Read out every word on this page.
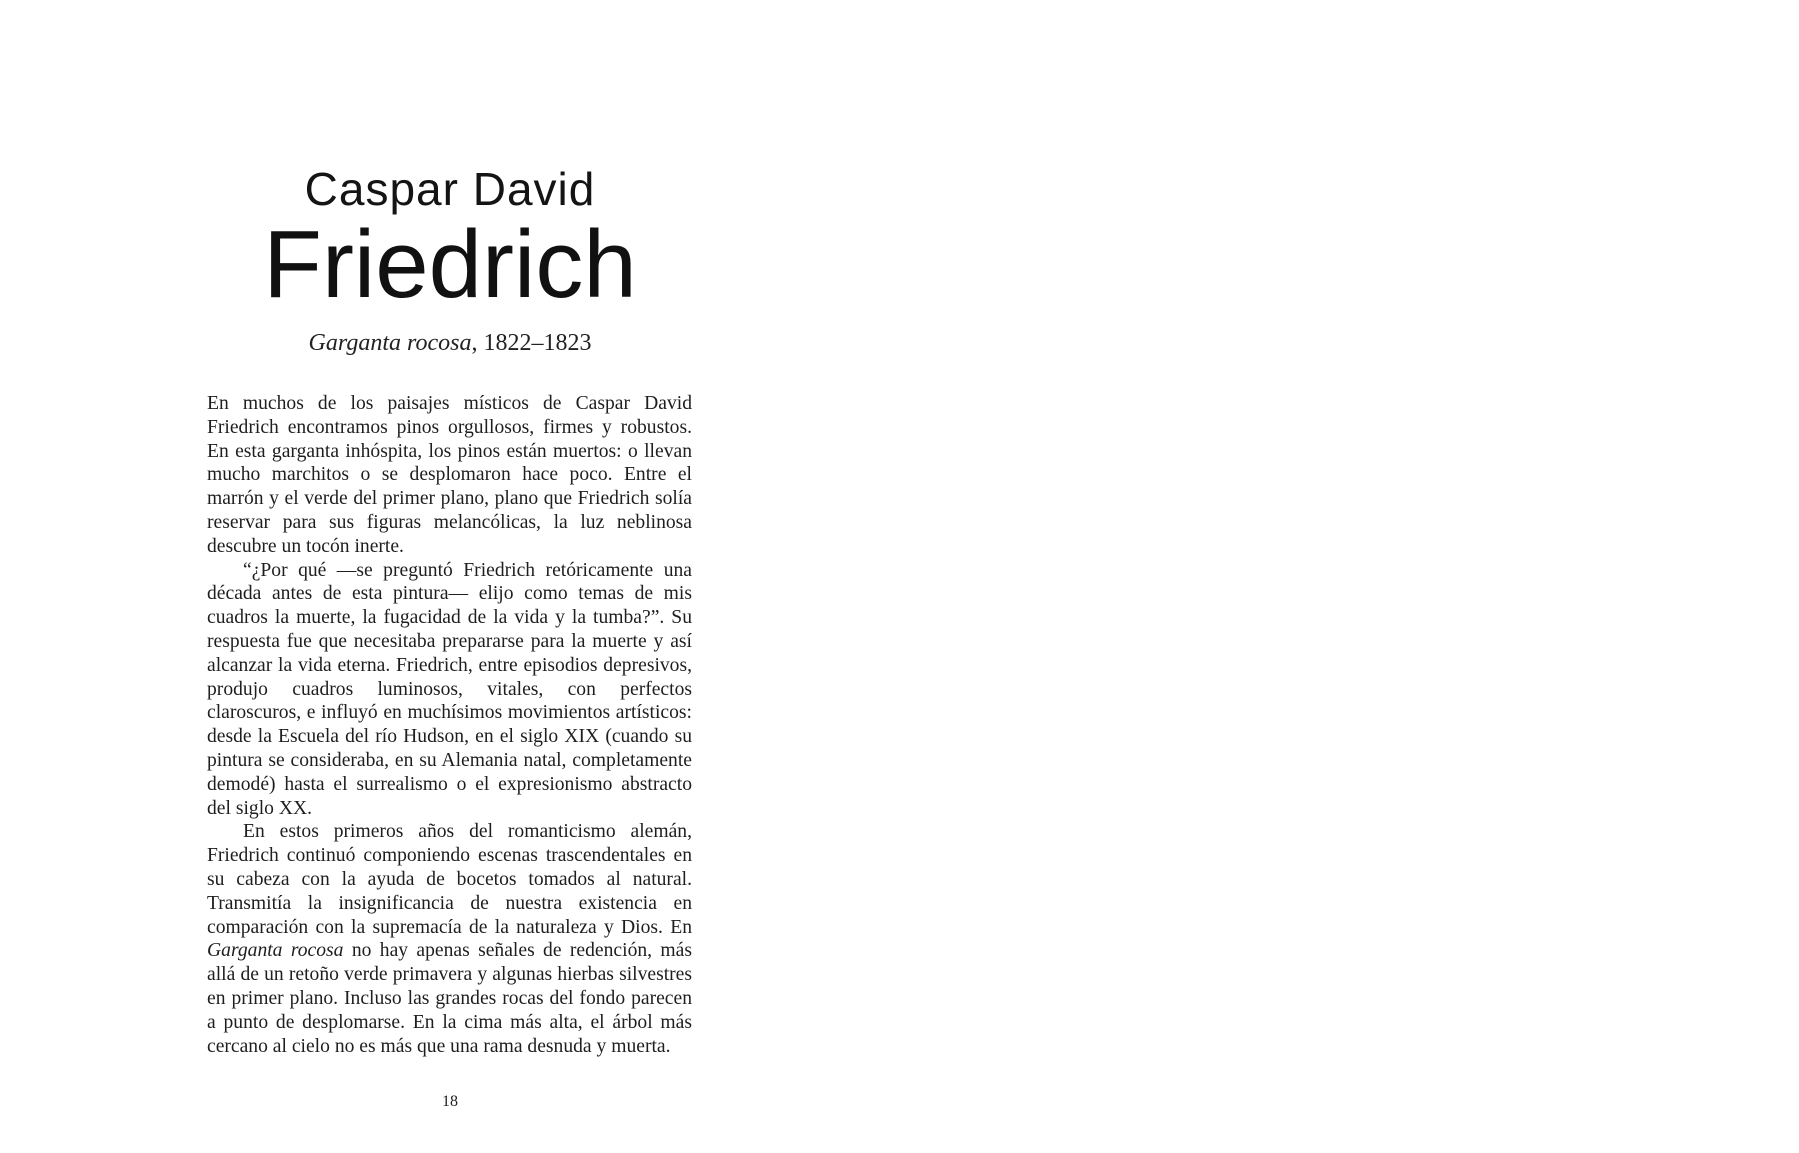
Caspar David
Friedrich
Garganta rocosa, 1822–1823

En muchos de los paisajes místicos de Caspar David Friedrich encontramos pinos orgullosos, firmes y robustos. En esta garganta inhóspita, los pinos están muertos: o llevan mucho marchitos o se desplomaron hace poco. Entre el marrón y el verde del primer plano, plano que Friedrich solía reservar para sus figuras melancólicas, la luz neblinosa descubre un tocón inerte.

“¿Por qué —se preguntó Friedrich retóricamente una década antes de esta pintura— elijo como temas de mis cuadros la muerte, la fugacidad de la vida y la tumba?”. Su respuesta fue que necesitaba prepararse para la muerte y así alcanzar la vida eterna. Friedrich, entre episodios depresivos, produjo cuadros luminosos, vitales, con perfectos claroscuros, e influyó en muchísimos movimientos artísticos: desde la Escuela del río Hudson, en el siglo XIX (cuando su pintura se consideraba, en su Alemania natal, completamente demodé) hasta el surrealismo o el expresionismo abstracto del siglo XX.

En estos primeros años del romanticismo alemán, Friedrich continuó componiendo escenas trascendentales en su cabeza con la ayuda de bocetos tomados al natural. Transmitía la insignificancia de nuestra existencia en comparación con la supremacía de la naturaleza y Dios. En Garganta rocosa no hay apenas señales de redención, más allá de un retoño verde primavera y algunas hierbas silvestres en primer plano. Incluso las grandes rocas del fondo parecen a punto de desplomarse. En la cima más alta, el árbol más cercano al cielo no es más que una rama desnuda y muerta.

18
